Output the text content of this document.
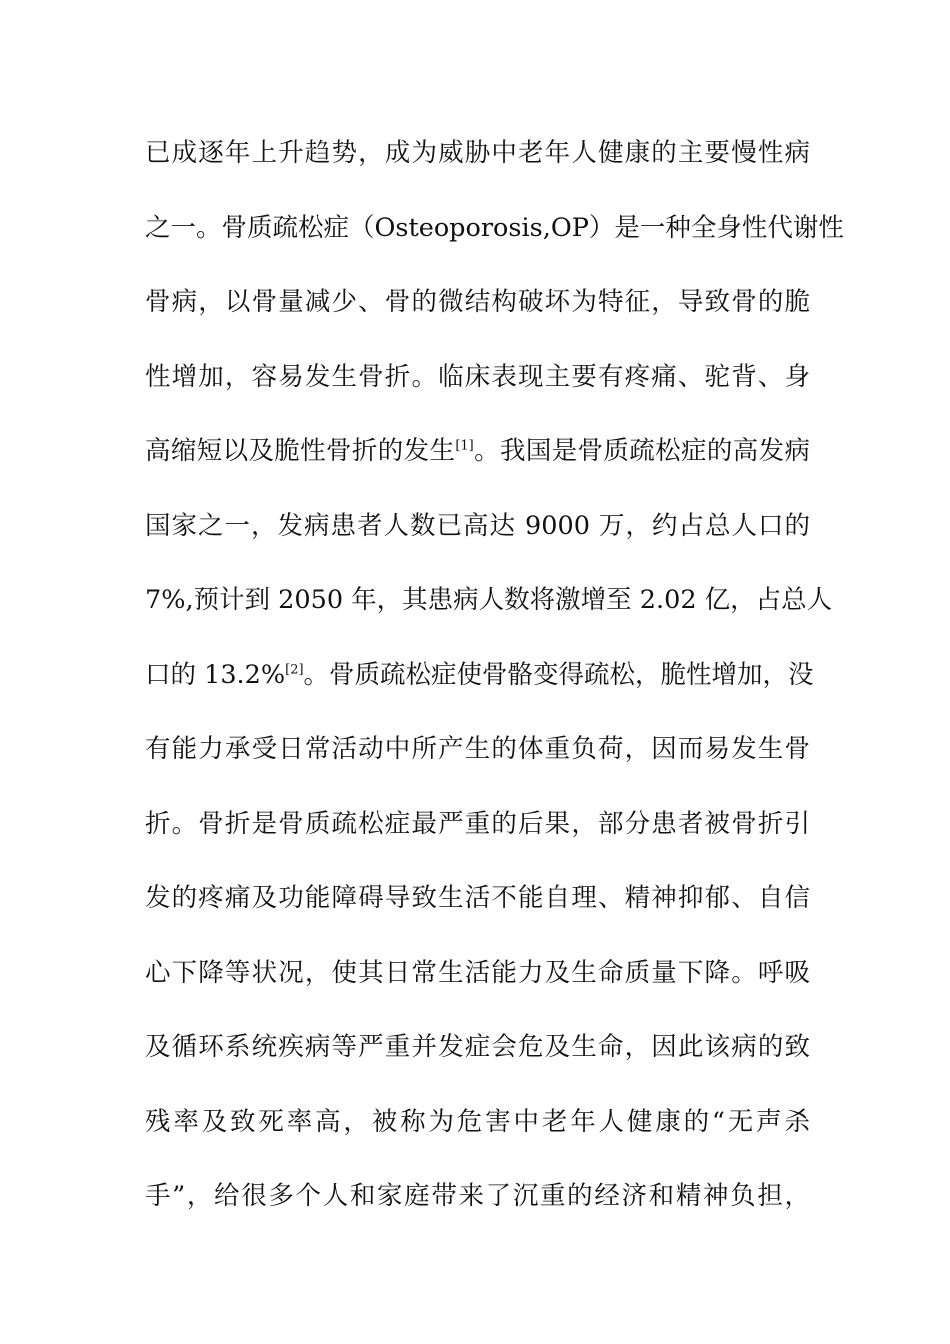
已成逐年上升趋势，成为威胁中老年人健康的主要慢性病
之一。骨质疏松症（Osteoporosis,OP）是一种全身性代谢性
骨病，以骨量减少、骨的微结构破坏为特征，导致骨的脆
性增加，容易发生骨折。临床表现主要有疼痛、驼背、身
高缩短以及脆性骨折的发生[1]。我国是骨质疏松症的高发病
国家之一，发病患者人数已高达 9000 万，约占总人口的
7%,预计到 2050 年，其患病人数将激增至 2.02 亿，占总人
口的 13.2%[2]。骨质疏松症使骨骼变得疏松，脆性增加，没
有能力承受日常活动中所产生的体重负荷，因而易发生骨
折。骨折是骨质疏松症最严重的后果，部分患者被骨折引
发的疼痛及功能障碍导致生活不能自理、精神抑郁、自信
心下降等状况，使其日常生活能力及生命质量下降。呼吸
及循环系统疾病等严重并发症会危及生命，因此该病的致
残率及致死率高，被称为危害中老年人健康的“无声杀
手”，给很多个人和家庭带来了沉重的经济和精神负担，
